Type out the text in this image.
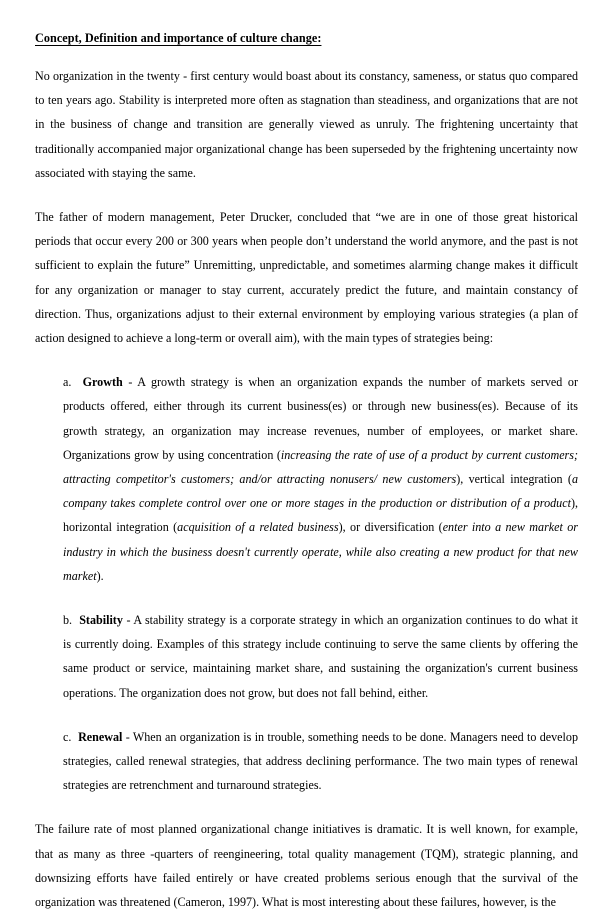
Concept, Definition and importance of culture change:

No organization in the twenty - first century would boast about its constancy, sameness, or status quo compared to ten years ago. Stability is interpreted more often as stagnation than steadiness, and organizations that are not in the business of change and transition are generally viewed as unruly. The frightening uncertainty that traditionally accompanied major organizational change has been superseded by the frightening uncertainty now associated with staying the same.

The father of modern management, Peter Drucker, concluded that “we are in one of those great historical periods that occur every 200 or 300 years when people don’t understand the world anymore, and the past is not sufficient to explain the future” Unremitting, unpredictable, and sometimes alarming change makes it difficult for any organization or manager to stay current, accurately predict the future, and maintain constancy of direction. Thus, organizations adjust to their external environment by employing various strategies (a plan of action designed to achieve a long-term or overall aim), with the main types of strategies being:

a. Growth - A growth strategy is when an organization expands the number of markets served or products offered, either through its current business(es) or through new business(es). Because of its growth strategy, an organization may increase revenues, number of employees, or market share. Organizations grow by using concentration (increasing the rate of use of a product by current customers; attracting competitor's customers; and/or attracting nonusers/ new customers), vertical integration (a company takes complete control over one or more stages in the production or distribution of a product), horizontal integration (acquisition of a related business), or diversification (enter into a new market or industry in which the business doesn't currently operate, while also creating a new product for that new market).

b. Stability - A stability strategy is a corporate strategy in which an organization continues to do what it is currently doing. Examples of this strategy include continuing to serve the same clients by offering the same product or service, maintaining market share, and sustaining the organization's current business operations. The organization does not grow, but does not fall behind, either.

c. Renewal - When an organization is in trouble, something needs to be done. Managers need to develop strategies, called renewal strategies, that address declining performance. The two main types of renewal strategies are retrenchment and turnaround strategies.

The failure rate of most planned organizational change initiatives is dramatic. It is well known, for example, that as many as three -quarters of reengineering, total quality management (TQM), strategic planning, and downsizing efforts have failed entirely or have created problems serious enough that the survival of the organization was threatened (Cameron, 1997). What is most interesting about these failures, however, is the
